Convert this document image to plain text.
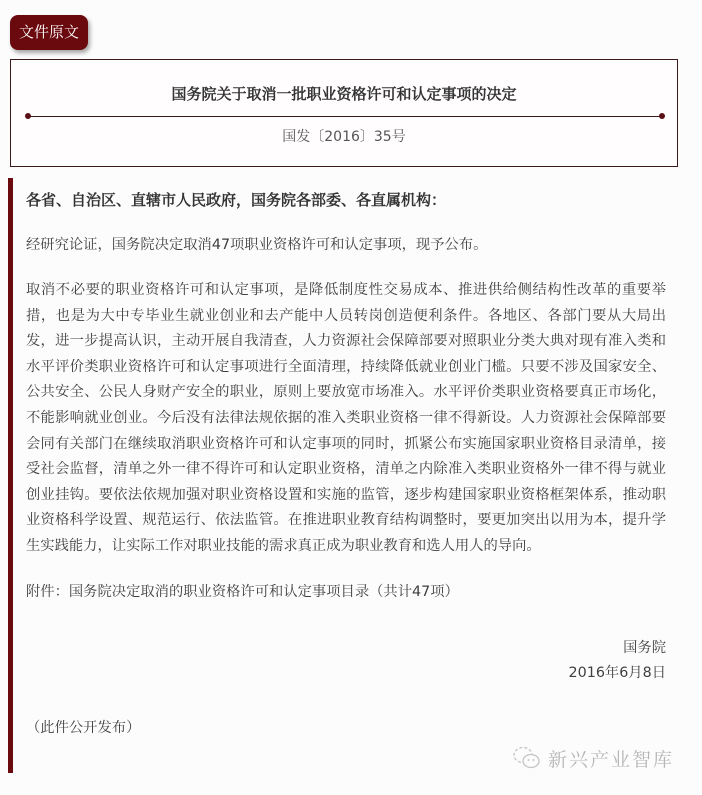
文件原文
国务院关于取消一批职业资格许可和认定事项的决定
国发〔2016〕35号

各省、自治区、直辖市人民政府，国务院各部委、各直属机构：

经研究论证，国务院决定取消47项职业资格许可和认定事项，现予公布。

取消不必要的职业资格许可和认定事项，是降低制度性交易成本、推进供给侧结构性改革的重要举措，也是为大中专毕业生就业创业和去产能中人员转岗创造便利条件。各地区、各部门要从大局出发，进一步提高认识，主动开展自我清查，人力资源社会保障部要对照职业分类大典对现有准入类和水平评价类职业资格许可和认定事项进行全面清理，持续降低就业创业门槛。只要不涉及国家安全、公共安全、公民人身财产安全的职业，原则上要放宽市场准入。水平评价类职业资格要真正市场化，不能影响就业创业。今后没有法律法规依据的准入类职业资格一律不得新设。人力资源社会保障部要会同有关部门在继续取消职业资格许可和认定事项的同时，抓紧公布实施国家职业资格目录清单，接受社会监督，清单之外一律不得许可和认定职业资格，清单之内除准入类职业资格外一律不得与就业创业挂钩。要依法依规加强对职业资格设置和实施的监管，逐步构建国家职业资格框架体系，推动职业资格科学设置、规范运行、依法监管。在推进职业教育结构调整时，要更加突出以用为本，提升学生实践能力，让实际工作对职业技能的需求真正成为职业教育和选人用人的导向。

附件：国务院决定取消的职业资格许可和认定事项目录（共计47项）

国务院

2016年6月8日

（此件公开发布）

新兴产业智库
